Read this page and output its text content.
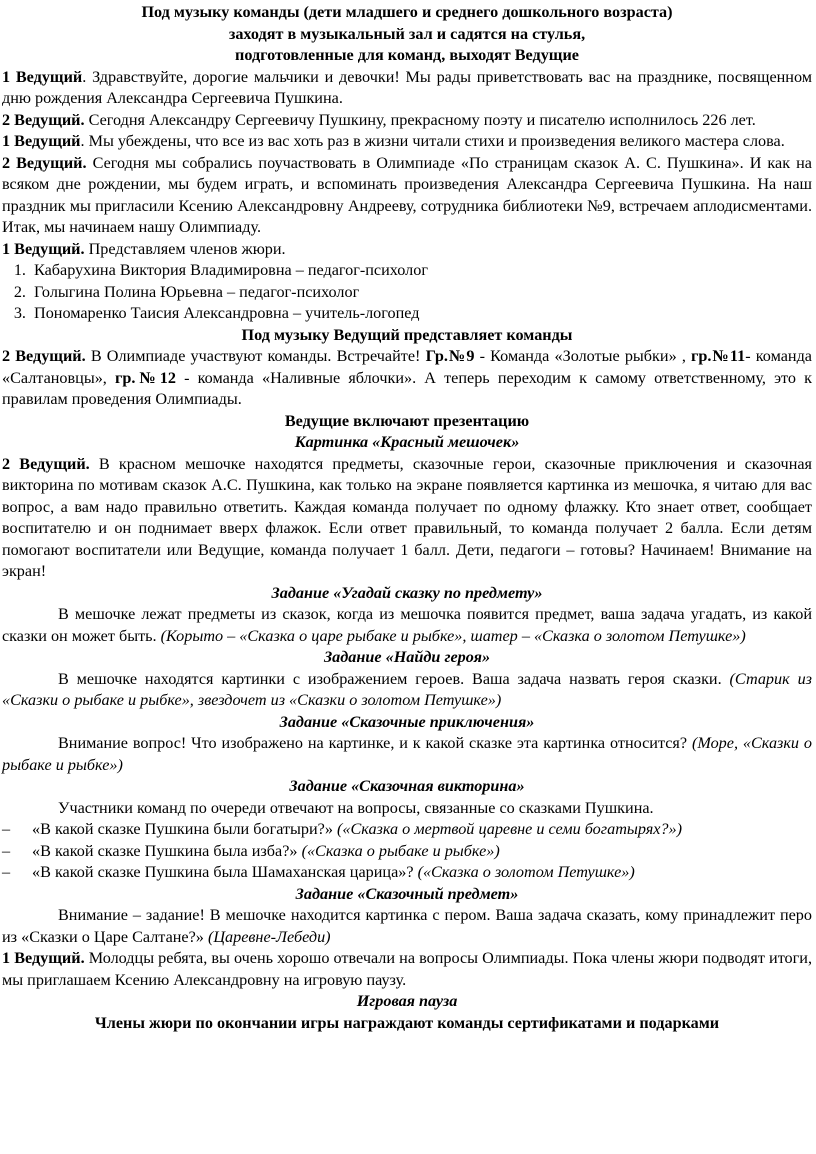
Под музыку команды (дети младшего и среднего дошкольного возраста)

заходят в музыкальный зал и садятся на стулья,

подготовленные для команд, выходят Ведущие

1 Ведущий. Здравствуйте, дорогие мальчики и девочки! Мы рады приветствовать вас на празднике, посвященном дню рождения Александра Сергеевича Пушкина.

2 Ведущий. Сегодня Александру Сергеевичу Пушкину, прекрасному поэту и писателю исполнилось 226 лет.

1 Ведущий. Мы убеждены, что все из вас хоть раз в жизни читали стихи и произведения великого мастера слова.

2 Ведущий. Сегодня мы собрались поучаствовать в Олимпиаде «По страницам сказок А. С. Пушкина». И как на всяком дне рождении, мы будем играть, и вспоминать произведения Александра Сергеевича Пушкина. На наш праздник мы пригласили Ксению Александровну Андрееву, сотрудника библиотеки №9, встречаем аплодисментами. Итак, мы начинаем нашу Олимпиаду.

1 Ведущий. Представляем членов жюри.

1. Кабарухина Виктория Владимировна – педагог-психолог
2. Голыгина Полина Юрьевна – педагог-психолог
3. Пономаренко Таисия Александровна – учитель-логопед

Под музыку Ведущий представляет команды

2 Ведущий. В Олимпиаде участвуют команды. Встречайте! Гр.№9 - Команда «Золотые рыбки» , гр.№11- команда «Салтановцы», гр.№12 - команда «Наливные яблочки». А теперь переходим к самому ответственному, это к правилам проведения Олимпиады.

Ведущие включают презентацию

Картинка «Красный мешочек»

2 Ведущий. В красном мешочке находятся предметы, сказочные герои, сказочные приключения и сказочная викторина по мотивам сказок А.С. Пушкина, как только на экране появляется картинка из мешочка, я читаю для вас вопрос, а вам надо правильно ответить. Каждая команда получает по одному флажку. Кто знает ответ, сообщает воспитателю и он поднимает вверх флажок. Если ответ правильный, то команда получает 2 балла. Если детям помогают воспитатели или Ведущие, команда получает 1 балл. Дети, педагоги – готовы? Начинаем! Внимание на экран!

Задание «Угадай сказку по предмету»

В мешочке лежат предметы из сказок, когда из мешочка появится предмет, ваша задача угадать, из какой сказки он может быть. (Корыто – «Сказка о царе рыбаке и рыбке», шатер – «Сказка о золотом Петушке»)

Задание «Найди героя»

В мешочке находятся картинки с изображением героев. Ваша задача назвать героя сказки. (Старик из «Сказки о рыбаке и рыбке», звездочет из «Сказки о золотом Петушке»)

Задание «Сказочные приключения»

Внимание вопрос! Что изображено на картинке, и к какой сказке эта картинка относится? (Море, «Сказки о рыбаке и рыбке»)

Задание «Сказочная викторина»

Участники команд по очереди отвечают на вопросы, связанные со сказками Пушкина.

– «В какой сказке Пушкина были богатыри?» («Сказка о мертвой царевне и семи богатырях?»)
– «В какой сказке Пушкина была изба?» («Сказка о рыбаке и рыбке»)
– «В какой сказке Пушкина была Шамаханская царица»? («Сказка о золотом Петушке»)

Задание «Сказочный предмет»

Внимание – задание! В мешочке находится картинка с пером. Ваша задача сказать, кому принадлежит перо из «Сказки о Царе Салтане?» (Царевне-Лебеди)

1 Ведущий. Молодцы ребята, вы очень хорошо отвечали на вопросы Олимпиады. Пока члены жюри подводят итоги, мы приглашаем Ксению Александровну на игровую паузу.

Игровая пауза

Члены жюри по окончании игры награждают команды сертификатами и подарками
